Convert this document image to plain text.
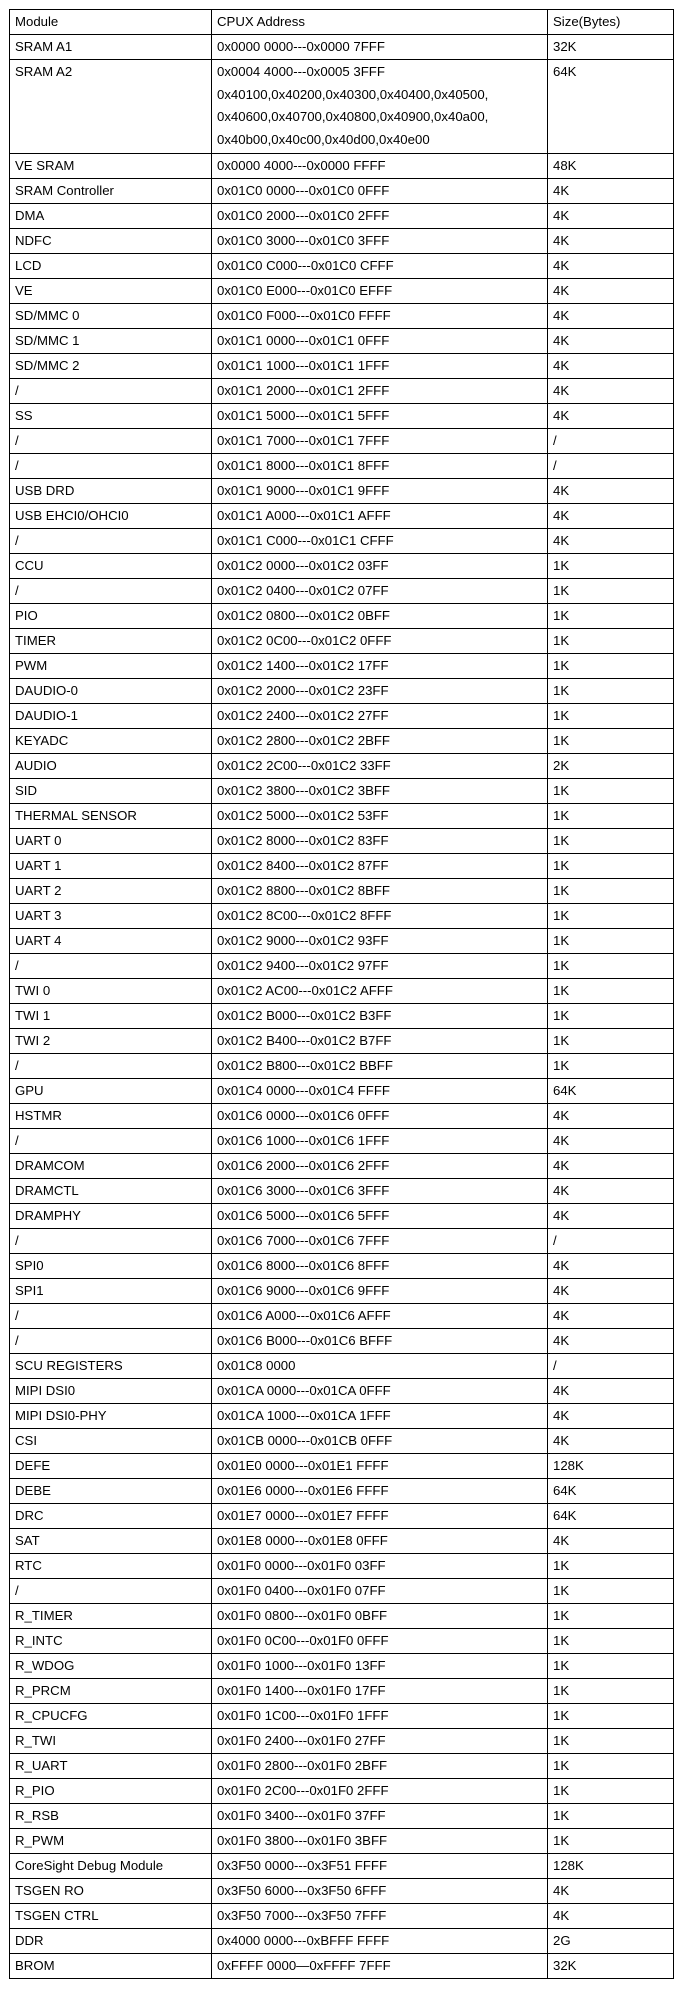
Module	CPUX Address	Size(Bytes)
SRAM A1	0x0000 0000---0x0000 7FFF	32K
SRAM A2	0x0004 4000---0x0005 3FFF
0x40100,0x40200,0x40300,0x40400,0x40500,
0x40600,0x40700,0x40800,0x40900,0x40a00,
0x40b00,0x40c00,0x40d00,0x40e00	64K
VE SRAM	0x0000 4000---0x0000 FFFF	48K
SRAM Controller	0x01C0 0000---0x01C0 0FFF	4K
DMA	0x01C0 2000---0x01C0 2FFF	4K
NDFC	0x01C0 3000---0x01C0 3FFF	4K
LCD	0x01C0 C000---0x01C0 CFFF	4K
VE	0x01C0 E000---0x01C0 EFFF	4K
SD/MMC 0	0x01C0 F000---0x01C0 FFFF	4K
SD/MMC 1	0x01C1 0000---0x01C1 0FFF	4K
SD/MMC 2	0x01C1 1000---0x01C1 1FFF	4K
/	0x01C1 2000---0x01C1 2FFF	4K
SS	0x01C1 5000---0x01C1 5FFF	4K
/	0x01C1 7000---0x01C1 7FFF	/
/	0x01C1 8000---0x01C1 8FFF	/
USB DRD	0x01C1 9000---0x01C1 9FFF	4K
USB EHCI0/OHCI0	0x01C1 A000---0x01C1 AFFF	4K
/	0x01C1 C000---0x01C1 CFFF	4K
CCU	0x01C2 0000---0x01C2 03FF	1K
/	0x01C2 0400---0x01C2 07FF	1K
PIO	0x01C2 0800---0x01C2 0BFF	1K
TIMER	0x01C2 0C00---0x01C2 0FFF	1K
PWM	0x01C2 1400---0x01C2 17FF	1K
DAUDIO-0	0x01C2 2000---0x01C2 23FF	1K
DAUDIO-1	0x01C2 2400---0x01C2 27FF	1K
KEYADC	0x01C2 2800---0x01C2 2BFF	1K
AUDIO	0x01C2 2C00---0x01C2 33FF	2K
SID	0x01C2 3800---0x01C2 3BFF	1K
THERMAL SENSOR	0x01C2 5000---0x01C2 53FF	1K
UART 0	0x01C2 8000---0x01C2 83FF	1K
UART 1	0x01C2 8400---0x01C2 87FF	1K
UART 2	0x01C2 8800---0x01C2 8BFF	1K
UART 3	0x01C2 8C00---0x01C2 8FFF	1K
UART 4	0x01C2 9000---0x01C2 93FF	1K
/	0x01C2 9400---0x01C2 97FF	1K
TWI 0	0x01C2 AC00---0x01C2 AFFF	1K
TWI 1	0x01C2 B000---0x01C2 B3FF	1K
TWI 2	0x01C2 B400---0x01C2 B7FF	1K
/	0x01C2 B800---0x01C2 BBFF	1K
GPU	0x01C4 0000---0x01C4 FFFF	64K
HSTMR	0x01C6 0000---0x01C6 0FFF	4K
/	0x01C6 1000---0x01C6 1FFF	4K
DRAMCOM	0x01C6 2000---0x01C6 2FFF	4K
DRAMCTL	0x01C6 3000---0x01C6 3FFF	4K
DRAMPHY	0x01C6 5000---0x01C6 5FFF	4K
/	0x01C6 7000---0x01C6 7FFF	/
SPI0	0x01C6 8000---0x01C6 8FFF	4K
SPI1	0x01C6 9000---0x01C6 9FFF	4K
/	0x01C6 A000---0x01C6 AFFF	4K
/	0x01C6 B000---0x01C6 BFFF	4K
SCU REGISTERS	0x01C8 0000	/
MIPI DSI0	0x01CA 0000---0x01CA 0FFF	4K
MIPI DSI0-PHY	0x01CA 1000---0x01CA 1FFF	4K
CSI	0x01CB 0000---0x01CB 0FFF	4K
DEFE	0x01E0 0000---0x01E1 FFFF	128K
DEBE	0x01E6 0000---0x01E6 FFFF	64K
DRC	0x01E7 0000---0x01E7 FFFF	64K
SAT	0x01E8 0000---0x01E8 0FFF	4K
RTC	0x01F0 0000---0x01F0 03FF	1K
/	0x01F0 0400---0x01F0 07FF	1K
R_TIMER	0x01F0 0800---0x01F0 0BFF	1K
R_INTC	0x01F0 0C00---0x01F0 0FFF	1K
R_WDOG	0x01F0 1000---0x01F0 13FF	1K
R_PRCM	0x01F0 1400---0x01F0 17FF	1K
R_CPUCFG	0x01F0 1C00---0x01F0 1FFF	1K
R_TWI	0x01F0 2400---0x01F0 27FF	1K
R_UART	0x01F0 2800---0x01F0 2BFF	1K
R_PIO	0x01F0 2C00---0x01F0 2FFF	1K
R_RSB	0x01F0 3400---0x01F0 37FF	1K
R_PWM	0x01F0 3800---0x01F0 3BFF	1K
CoreSight Debug Module	0x3F50 0000---0x3F51 FFFF	128K
TSGEN RO	0x3F50 6000---0x3F50 6FFF	4K
TSGEN CTRL	0x3F50 7000---0x3F50 7FFF	4K
DDR	0x4000 0000---0xBFFF FFFF	2G
BROM	0xFFFF 0000—0xFFFF 7FFF	32K
